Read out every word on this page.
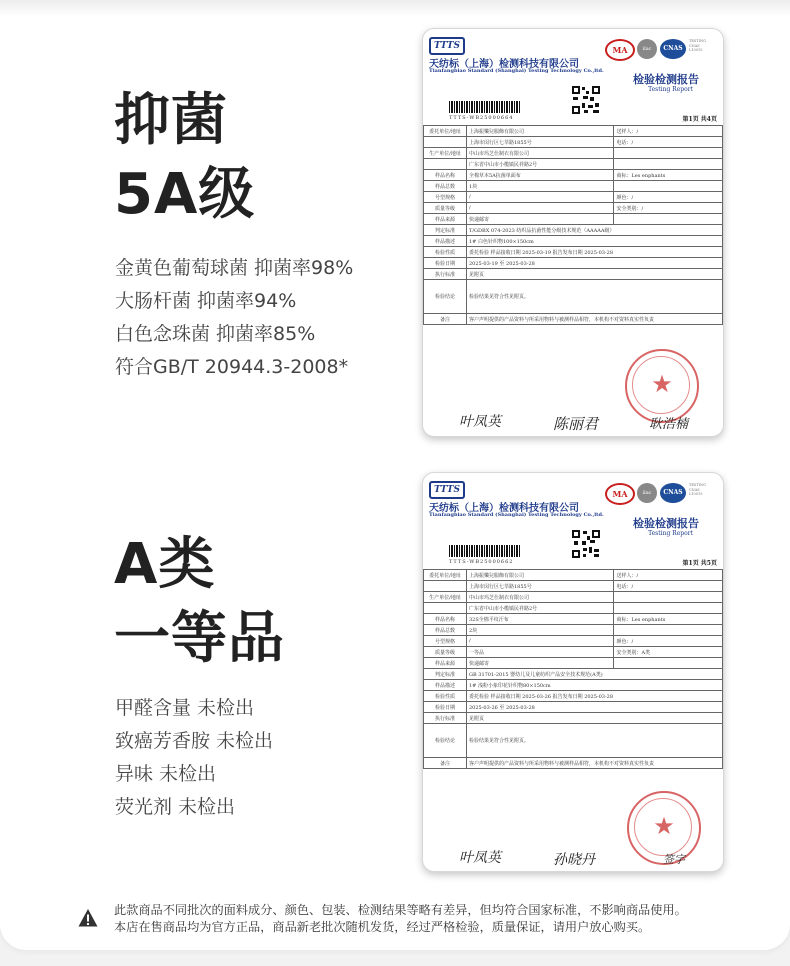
抑菌
5A级
金黄色葡萄球菌 抑菌率98%
大肠杆菌 抑菌率94%
白色念珠菌 抑菌率85%
符合GB/T 20944.3-2008*
TTTS
天纺标（上海）检测科技有限公司
Tianfangbiao Standard (Shanghai) Testing Technology Co.,ltd.
MA	ilac	CNAS
TESTING
CNAS
L10015
检验检测报告
Testing Report
TTTS-WB25000664	第1页 共4页
委托单位/地址	上海振樂兒服飾有限公司	送样人：/
	上海市闵行区七莘路1855号	电话：/
生产单位/地址	中山市玛芝仕制衣有限公司	
	广东省中山市小榄镇民祥路2号	
样品名称	全棉草本5A抗菌单面布	商标：Les enphants
样品总数	1块	
号型规格	/	颜色：/
质量等级	/	安全类别：/
样品来源	快递邮寄	
判定标准	T/GDBX 074-2023 纺织品抗菌性能分级技术规范（AAAAA级）	
样品描述	1# 白色针织物100×150cm	
检验性质	委托检验 样品接收日期 2025-03-19 报告发布日期 2025-03-28	
检验日期	2025-03-19 至 2025-03-28	
执行标准	见附页	
检验结论	检验结果见符合性见附页。	
备注	客户声明提供的产品资料与所采用物料与被测样品相符，本机构不对资料真实性负责	
★
叶凤英	陈丽君	耿浩楠
A类
一等品
甲醛含量 未检出
致癌芳香胺 未检出
异味 未检出
荧光剂 未检出
TTTS
天纺标（上海）检测科技有限公司
Tianfangbiao Standard (Shanghai) Testing Technology Co.,ltd.
MA	ilac	CNAS
TESTING
CNAS
L10015
检验检测报告
Testing Report
TTTS-WB25000662	第1页 共5页
委托单位/地址	上海振樂兒服飾有限公司	送样人：/
	上海市闵行区七莘路1855号	电话：/
生产单位/地址	中山市玛芝仕制衣有限公司	
	广东省中山市小榄镇民祥路2号	
样品名称	32S全棉平纹汗布	商标：Les enphants
样品总数	2块	
号型规格	/	颜色：/
质量等级	一等品	安全类别：A类
样品来源	快递邮寄	
判定标准	GB 31701-2015 婴幼儿及儿童纺织产品安全技术规范(A类)	
样品描述	1# 浅粉小象印花针织物80×150cm	
检验性质	委托检验 样品接收日期 2025-03-26 报告发布日期 2025-03-28	
检验日期	2025-03-26 至 2025-03-28	
执行标准	见附页	
检验结论	检验结果见符合性见附页。	
备注	客户声明提供的产品资料与所采用物料与被测样品相符，本机构不对资料真实性负责	
★
叶凤英	孙晓丹	签字
此款商品不同批次的面料成分、颜色、包装、检测结果等略有差异，但均符合国家标准，不影响商品使用。
本店在售商品均为官方正品，商品新老批次随机发货，经过严格检验，质量保证，请用户放心购买。
